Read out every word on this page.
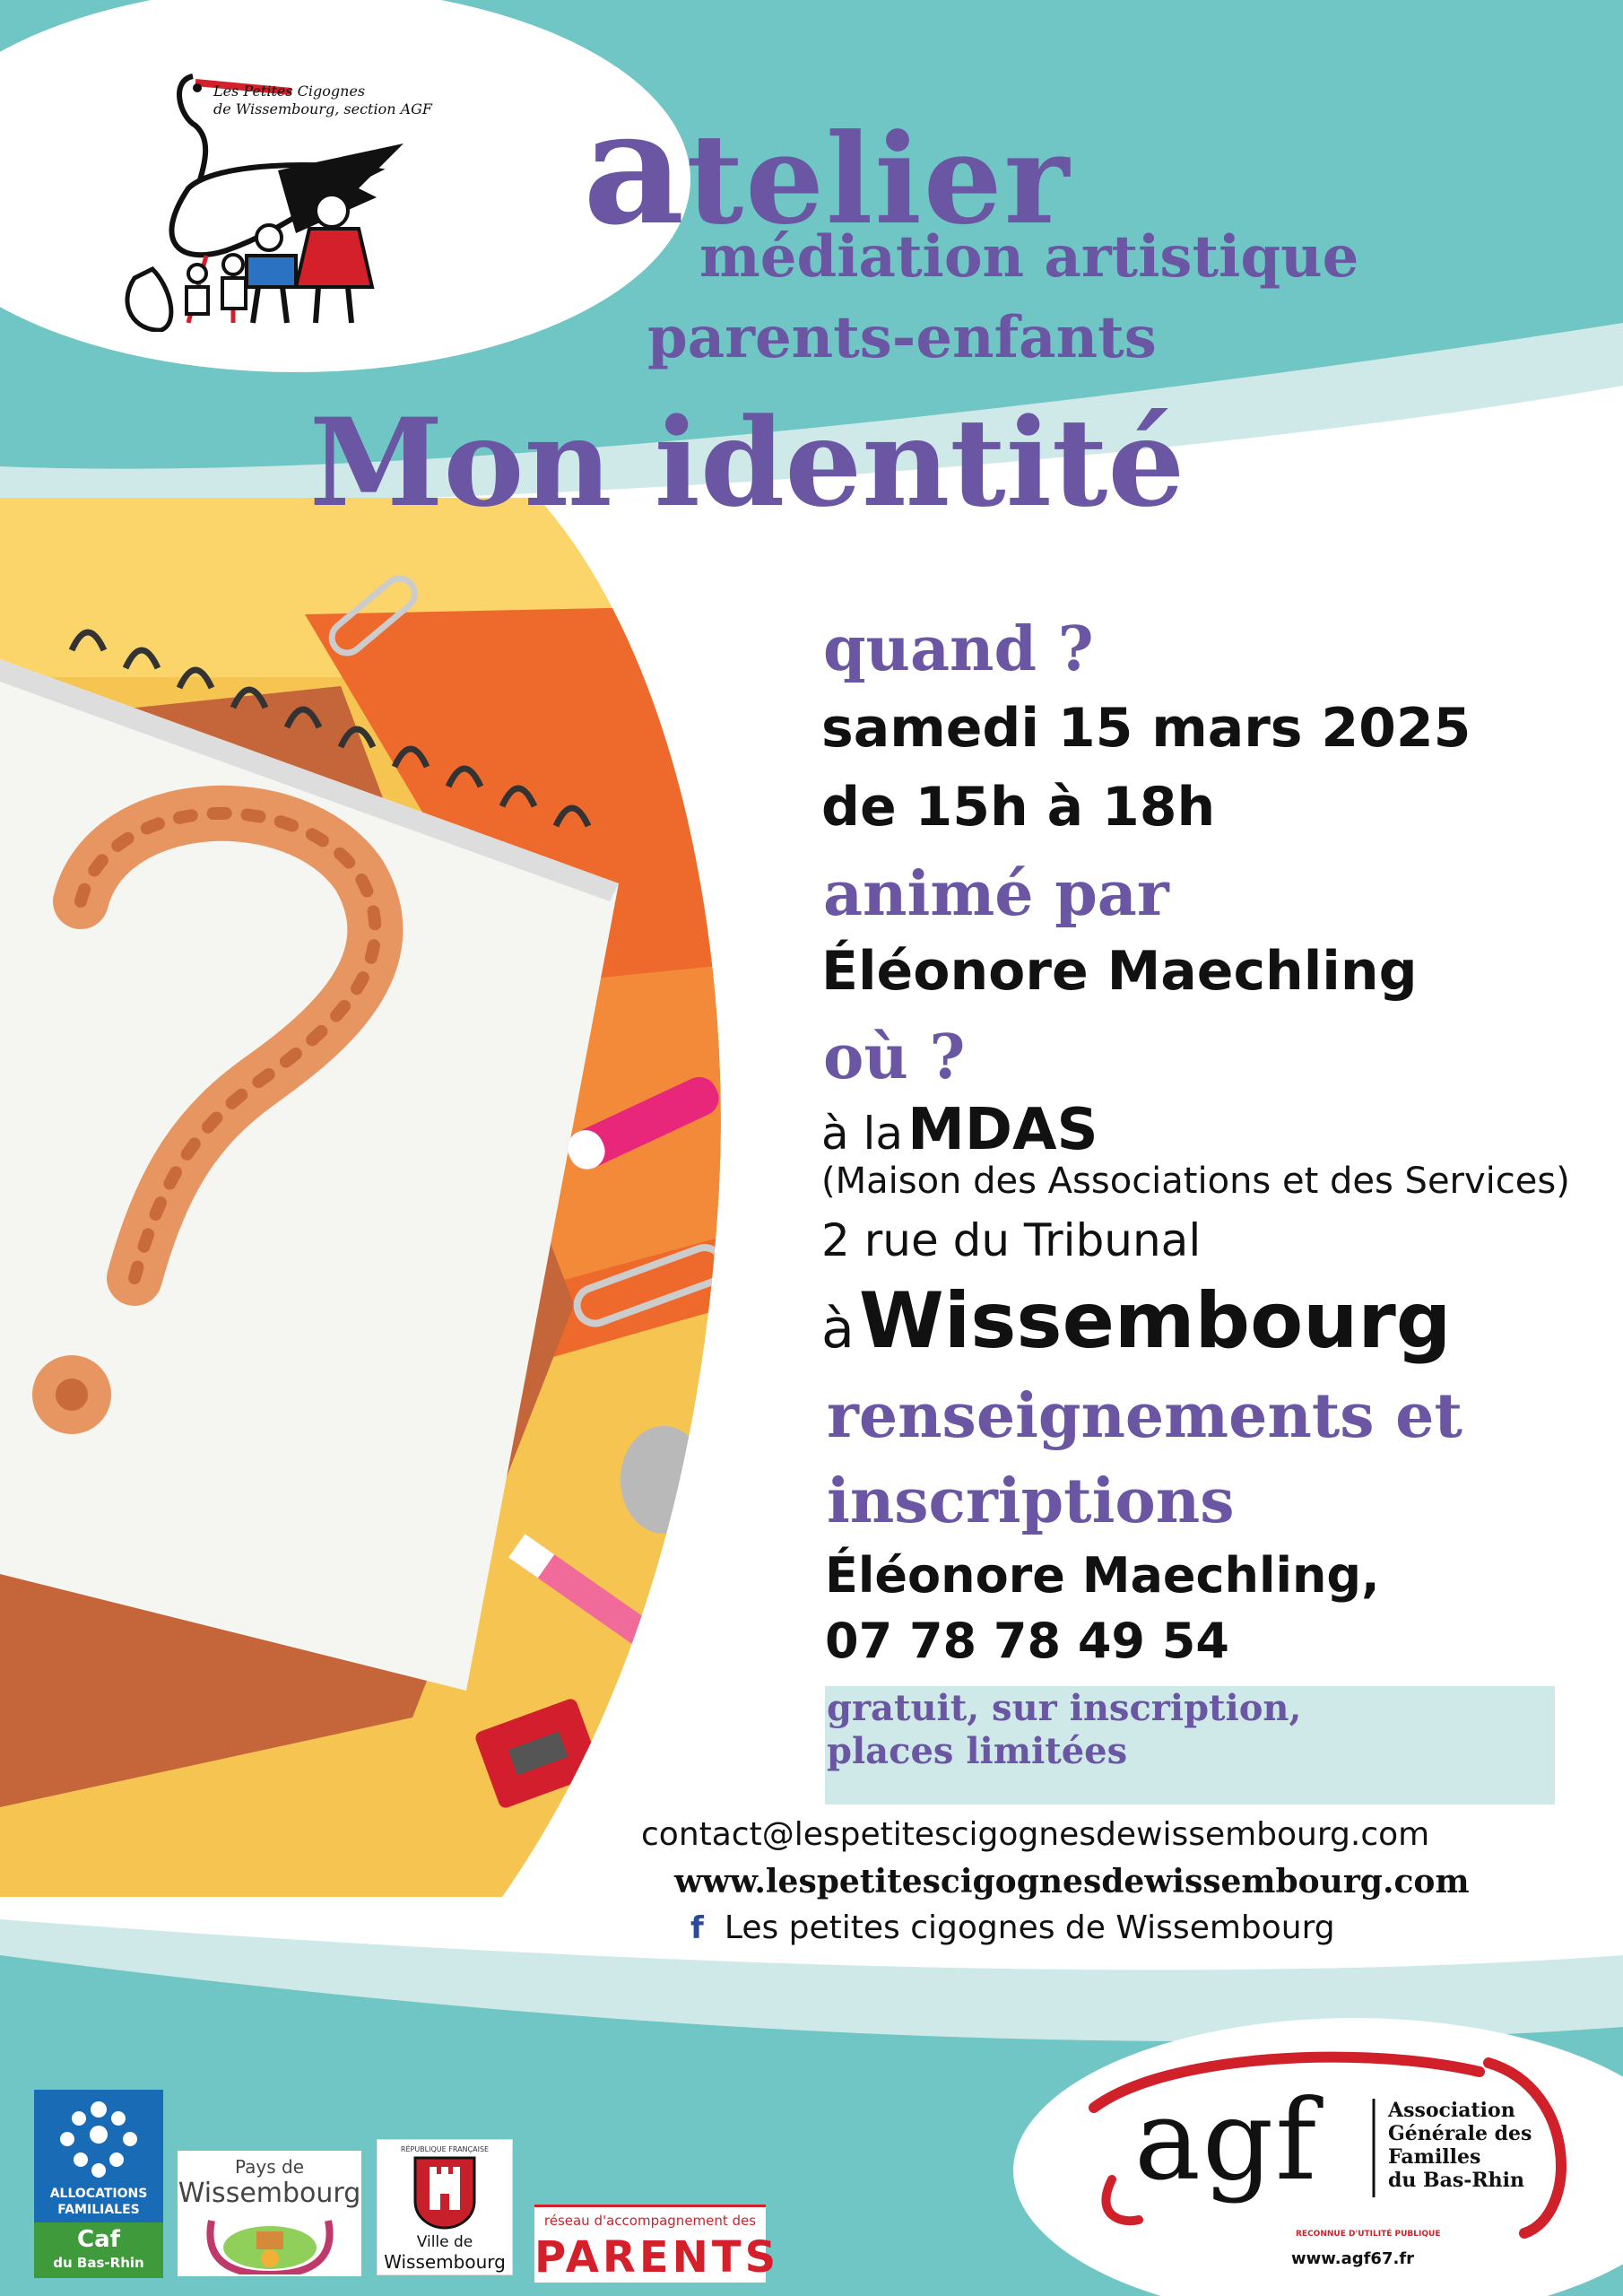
Les Petites Cigognes
de Wissembourg, section AGF atelier
médiation artistique
parents-enfants
Mon identité
quand ?
samedi 15 mars 2025
de 15h à 18h
animé par
Éléonore Maechling
où ?
à la MDAS
(Maison des Associations et des Services)
2 rue du Tribunal
à Wissembourg
renseignements et
inscriptions
Éléonore Maechling,
07 78 78 49 54
gratuit, sur inscription,
places limitées
contact@lespetitescigognesdewissembourg.com
www.lespetitescigognesdewissembourg.com
f Les petites cigognes de Wissembourg
ALLOCATIONS
FAMILIALES
Caf
du Bas-Rhin
Pays de
Wissembourg
RÉPUBLIQUE FRANÇAISE
Ville de
Wissembourg
réseau d'accompagnement des
PARENTS
agf	Association
Générale des
Familles
du Bas-Rhin
RECONNUE D'UTILITÉ PUBLIQUE
www.agf67.fr
